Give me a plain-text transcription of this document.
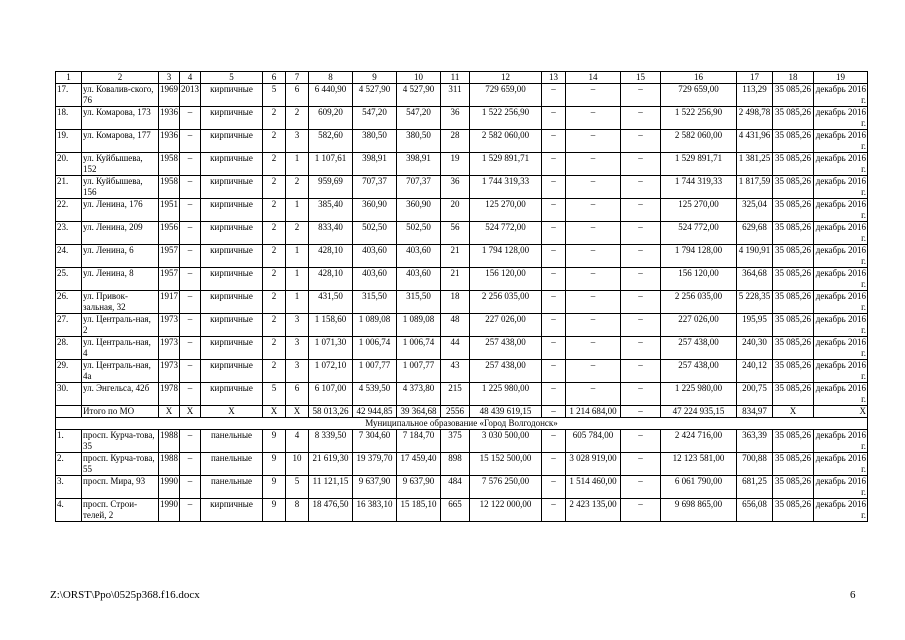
1	2	3	4	5	6	7	8	9	10	11	12	13	14	15	16	17	18	19
17.	ул. Ковалив-ского, 76	1969	2013	кирпичные	5	6	6 440,90	4 527,90	4 527,90	311	729 659,00	–	–	–	729 659,00	113,29	35 085,26	декабрь 2016 г.
18.	ул. Комарова, 173	1936	–	кирпичные	2	2	609,20	547,20	547,20	36	1 522 256,90	–	–	–	1 522 256,90	2 498,78	35 085,26	декабрь 2016 г.
19.	ул. Комарова, 177	1936	–	кирпичные	2	3	582,60	380,50	380,50	28	2 582 060,00	–	–	–	2 582 060,00	4 431,96	35 085,26	декабрь 2016 г.
20.	ул. Куйбышева, 152	1958	–	кирпичные	2	1	1 107,61	398,91	398,91	19	1 529 891,71	–	–	–	1 529 891,71	1 381,25	35 085,26	декабрь 2016 г.
21.	ул. Куйбышева, 156	1958	–	кирпичные	2	2	959,69	707,37	707,37	36	1 744 319,33	–	–	–	1 744 319,33	1 817,59	35 085,26	декабрь 2016 г.
22.	ул. Ленина, 176	1951	–	кирпичные	2	1	385,40	360,90	360,90	20	125 270,00	–	–	–	125 270,00	325,04	35 085,26	декабрь 2016 г.
23.	ул. Ленина, 209	1956	–	кирпичные	2	2	833,40	502,50	502,50	56	524 772,00	–	–	–	524 772,00	629,68	35 085,26	декабрь 2016 г.
24.	ул. Ленина, 6	1957	–	кирпичные	2	1	428,10	403,60	403,60	21	1 794 128,00	–	–	–	1 794 128,00	4 190,91	35 085,26	декабрь 2016 г.
25.	ул. Ленина, 8	1957	–	кирпичные	2	1	428,10	403,60	403,60	21	156 120,00	–	–	–	156 120,00	364,68	35 085,26	декабрь 2016 г.
26.	ул. Привок-зальная, 32	1917	–	кирпичные	2	1	431,50	315,50	315,50	18	2 256 035,00	–	–	–	2 256 035,00	5 228,35	35 085,26	декабрь 2016 г.
27.	ул. Централь-ная, 2	1973	–	кирпичные	2	3	1 158,60	1 089,08	1 089,08	48	227 026,00	–	–	–	227 026,00	195,95	35 085,26	декабрь 2016 г.
28.	ул. Централь-ная, 4	1973	–	кирпичные	2	3	1 071,30	1 006,74	1 006,74	44	257 438,00	–	–	–	257 438,00	240,30	35 085,26	декабрь 2016 г.
29.	ул. Централь-ная, 4а	1973	–	кирпичные	2	3	1 072,10	1 007,77	1 007,77	43	257 438,00	–	–	–	257 438,00	240,12	35 085,26	декабрь 2016 г.
30.	ул. Энгельса, 42б	1978	–	кирпичные	5	6	6 107,00	4 539,50	4 373,80	215	1 225 980,00	–	–	–	1 225 980,00	200,75	35 085,26	декабрь 2016 г.
	Итого по МО	X	X	X	X	X	58 013,26	42 944,85	39 364,68	2556	48 439 619,15	–	1 214 684,00	–	47 224 935,15	834,97	X	X
Муниципальное образование «Город Волгодонск»																		
1.	просп. Курча-това, 35	1988	–	панельные	9	4	8 339,50	7 304,60	7 184,70	375	3 030 500,00	–	605 784,00	–	2 424 716,00	363,39	35 085,26	декабрь 2016 г.
2.	просп. Курча-това, 55	1988	–	панельные	9	10	21 619,30	19 379,70	17 459,40	898	15 152 500,00	–	3 028 919,00	–	12 123 581,00	700,88	35 085,26	декабрь 2016 г.
3.	просп. Мира, 93	1990	–	панельные	9	5	11 121,15	9 637,90	9 637,90	484	7 576 250,00	–	1 514 460,00	–	6 061 790,00	681,25	35 085,26	декабрь 2016 г.
4.	просп. Строи-телей, 2	1990	–	кирпичные	9	8	18 476,50	16 383,10	15 185,10	665	12 122 000,00	–	2 423 135,00	–	9 698 865,00	656,08	35 085,26	декабрь 2016 г.
Z:\ORST\Ppo\0525p368.f16.docx	6
